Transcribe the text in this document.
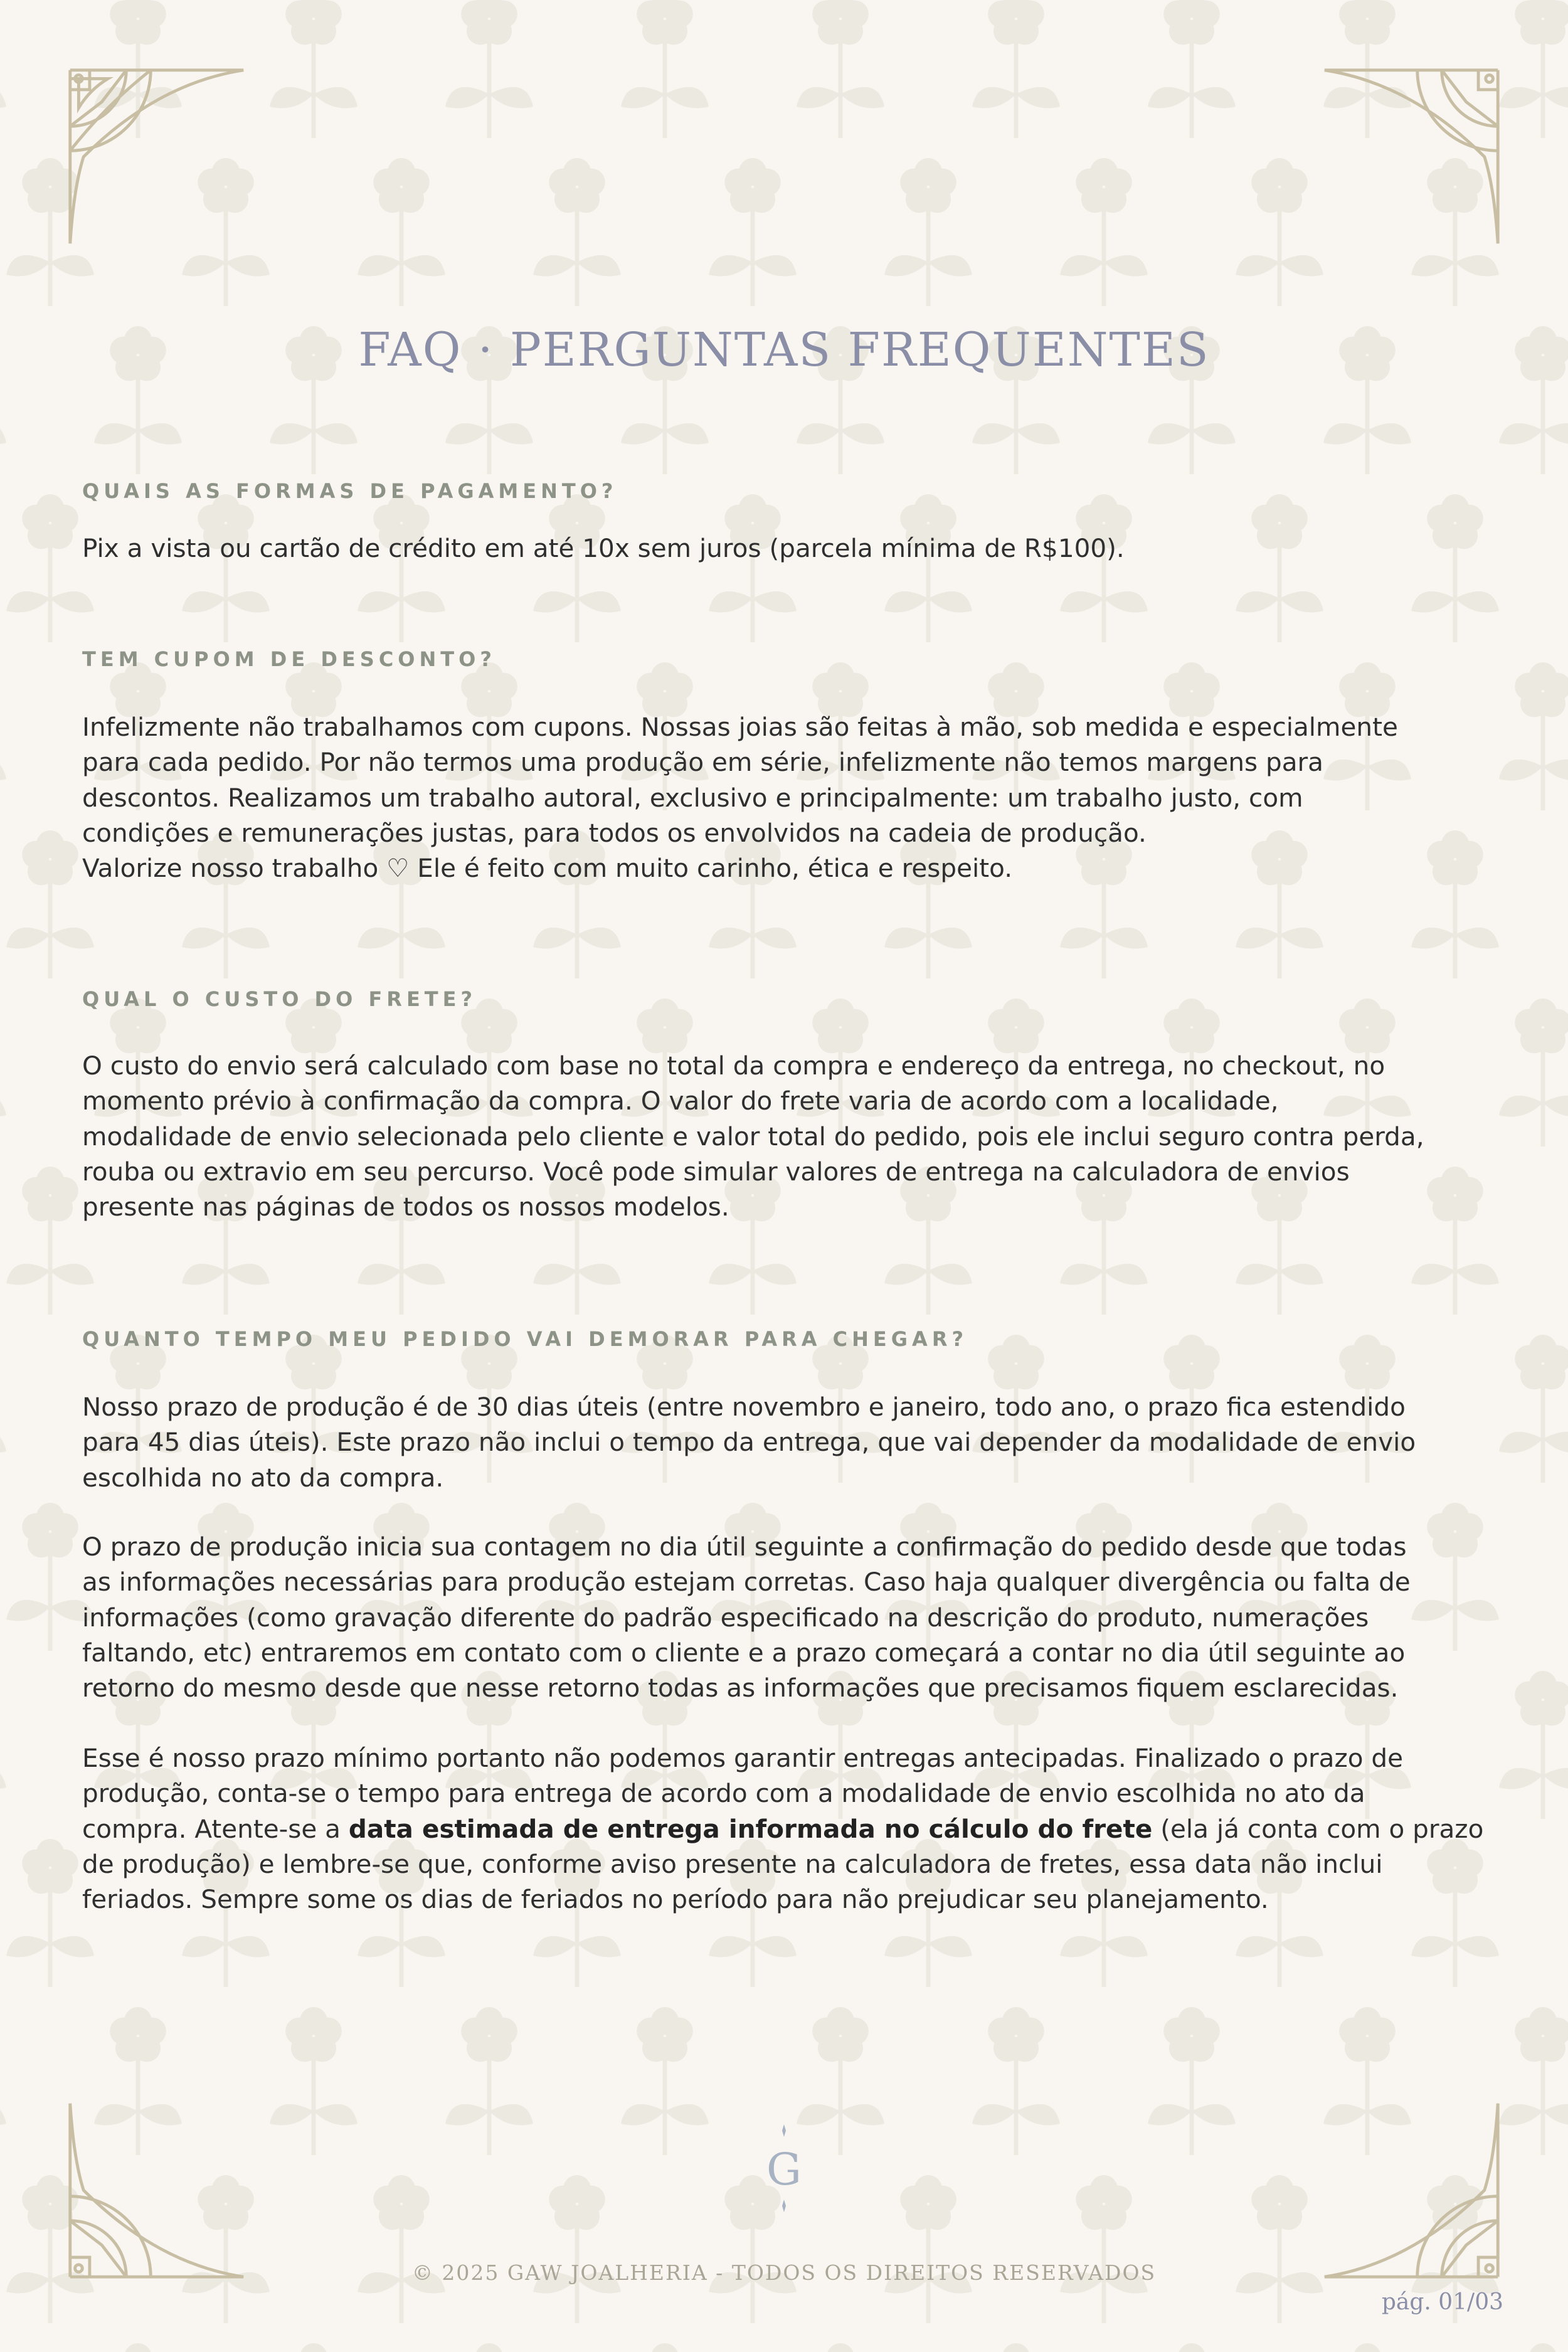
FAQ · PERGUNTAS FREQUENTES
QUAIS AS FORMAS DE PAGAMENTO?

Pix a vista ou cartão de crédito em até 10x sem juros (parcela mínima de R$100).

TEM CUPOM DE DESCONTO?

Infelizmente não trabalhamos com cupons. Nossas joias são feitas à mão, sob medida e especialmente
para cada pedido. Por não termos uma produção em série, infelizmente não temos margens para
descontos. Realizamos um trabalho autoral, exclusivo e principalmente: um trabalho justo, com
condições e remunerações justas, para todos os envolvidos na cadeia de produção.
Valorize nosso trabalho ♡ Ele é feito com muito carinho, ética e respeito.

QUAL O CUSTO DO FRETE?

O custo do envio será calculado com base no total da compra e endereço da entrega, no checkout, no
momento prévio à confirmação da compra. O valor do frete varia de acordo com a localidade,
modalidade de envio selecionada pelo cliente e valor total do pedido, pois ele inclui seguro contra perda,
rouba ou extravio em seu percurso. Você pode simular valores de entrega na calculadora de envios
presente nas páginas de todos os nossos modelos.

QUANTO TEMPO MEU PEDIDO VAI DEMORAR PARA CHEGAR?

Nosso prazo de produção é de 30 dias úteis (entre novembro e janeiro, todo ano, o prazo fica estendido
para 45 dias úteis). Este prazo não inclui o tempo da entrega, que vai depender da modalidade de envio
escolhida no ato da compra.

O prazo de produção inicia sua contagem no dia útil seguinte a confirmação do pedido desde que todas
as informações necessárias para produção estejam corretas. Caso haja qualquer divergência ou falta de
informações (como gravação diferente do padrão especificado na descrição do produto, numerações
faltando, etc) entraremos em contato com o cliente e a prazo começará a contar no dia útil seguinte ao
retorno do mesmo desde que nesse retorno todas as informações que precisamos fiquem esclarecidas.

Esse é nosso prazo mínimo portanto não podemos garantir entregas antecipadas. Finalizado o prazo de
produção, conta-se o tempo para entrega de acordo com a modalidade de envio escolhida no ato da
compra. Atente-se a data estimada de entrega informada no cálculo do frete (ela já conta com o prazo
de produção) e lembre-se que, conforme aviso presente na calculadora de fretes, essa data não inclui
feriados. Sempre some os dias de feriados no período para não prejudicar seu planejamento.

G
© 2025 GAW JOALHERIA - TODOS OS DIREITOS RESERVADOS
pág. 01/03
